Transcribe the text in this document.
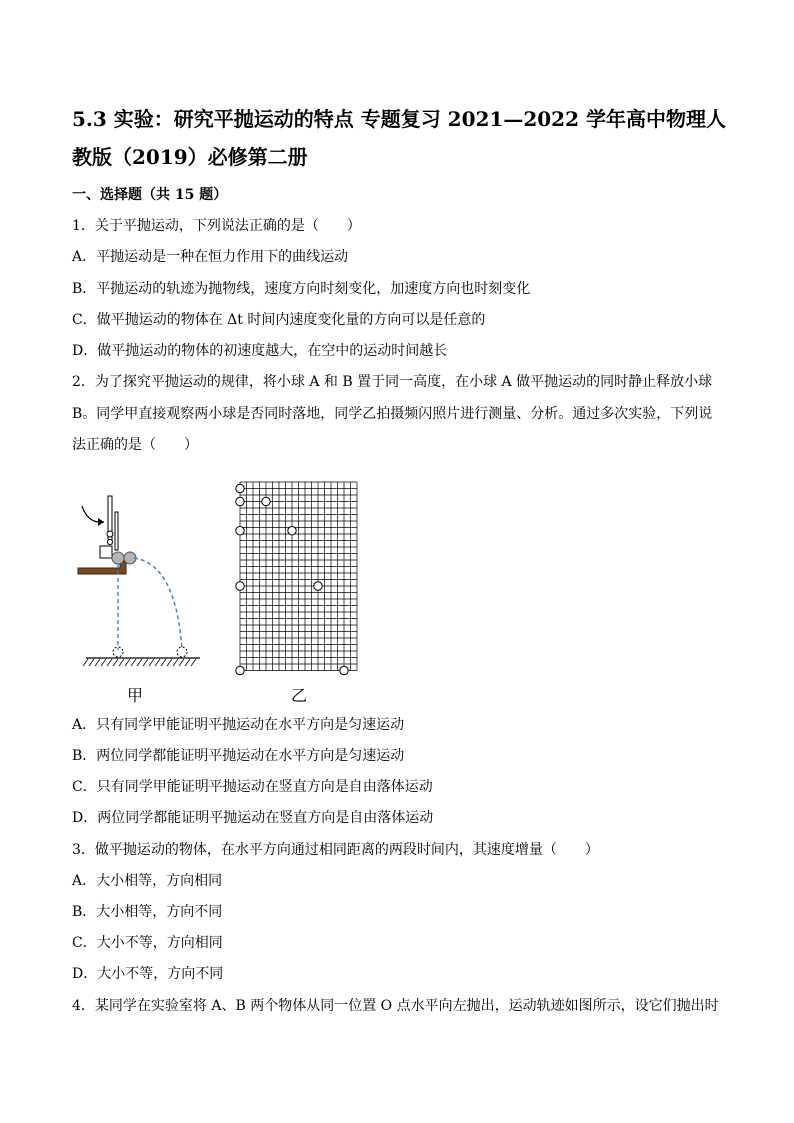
5.3 实验：研究平抛运动的特点 专题复习 2021—2022 学年高中物理人
教版（2019）必修第二册
一、选择题（共 15 题）
1．关于平抛运动，下列说法正确的是（　　）
A．平抛运动是一种在恒力作用下的曲线运动
B．平抛运动的轨迹为抛物线，速度方向时刻变化，加速度方向也时刻变化
C．做平抛运动的物体在 Δt 时间内速度变化量的方向可以是任意的
D．做平抛运动的物体的初速度越大，在空中的运动时间越长
2．为了探究平抛运动的规律，将小球 A 和 B 置于同一高度，在小球 A 做平抛运动的同时静止释放小球
B。同学甲直接观察两小球是否同时落地，同学乙拍摄频闪照片进行测量、分析。通过多次实验，下列说
法正确的是（　　）
甲	乙
A．只有同学甲能证明平抛运动在水平方向是匀速运动
B．两位同学都能证明平抛运动在水平方向是匀速运动
C．只有同学甲能证明平抛运动在竖直方向是自由落体运动
D．两位同学都能证明平抛运动在竖直方向是自由落体运动
3．做平抛运动的物体，在水平方向通过相同距离的两段时间内，其速度增量（　　）
A．大小相等，方向相同
B．大小相等，方向不同
C．大小不等，方向相同
D．大小不等，方向不同
4．某同学在实验室将 A、B 两个物体从同一位置 O 点水平向左抛出，运动轨迹如图所示，设它们抛出时
